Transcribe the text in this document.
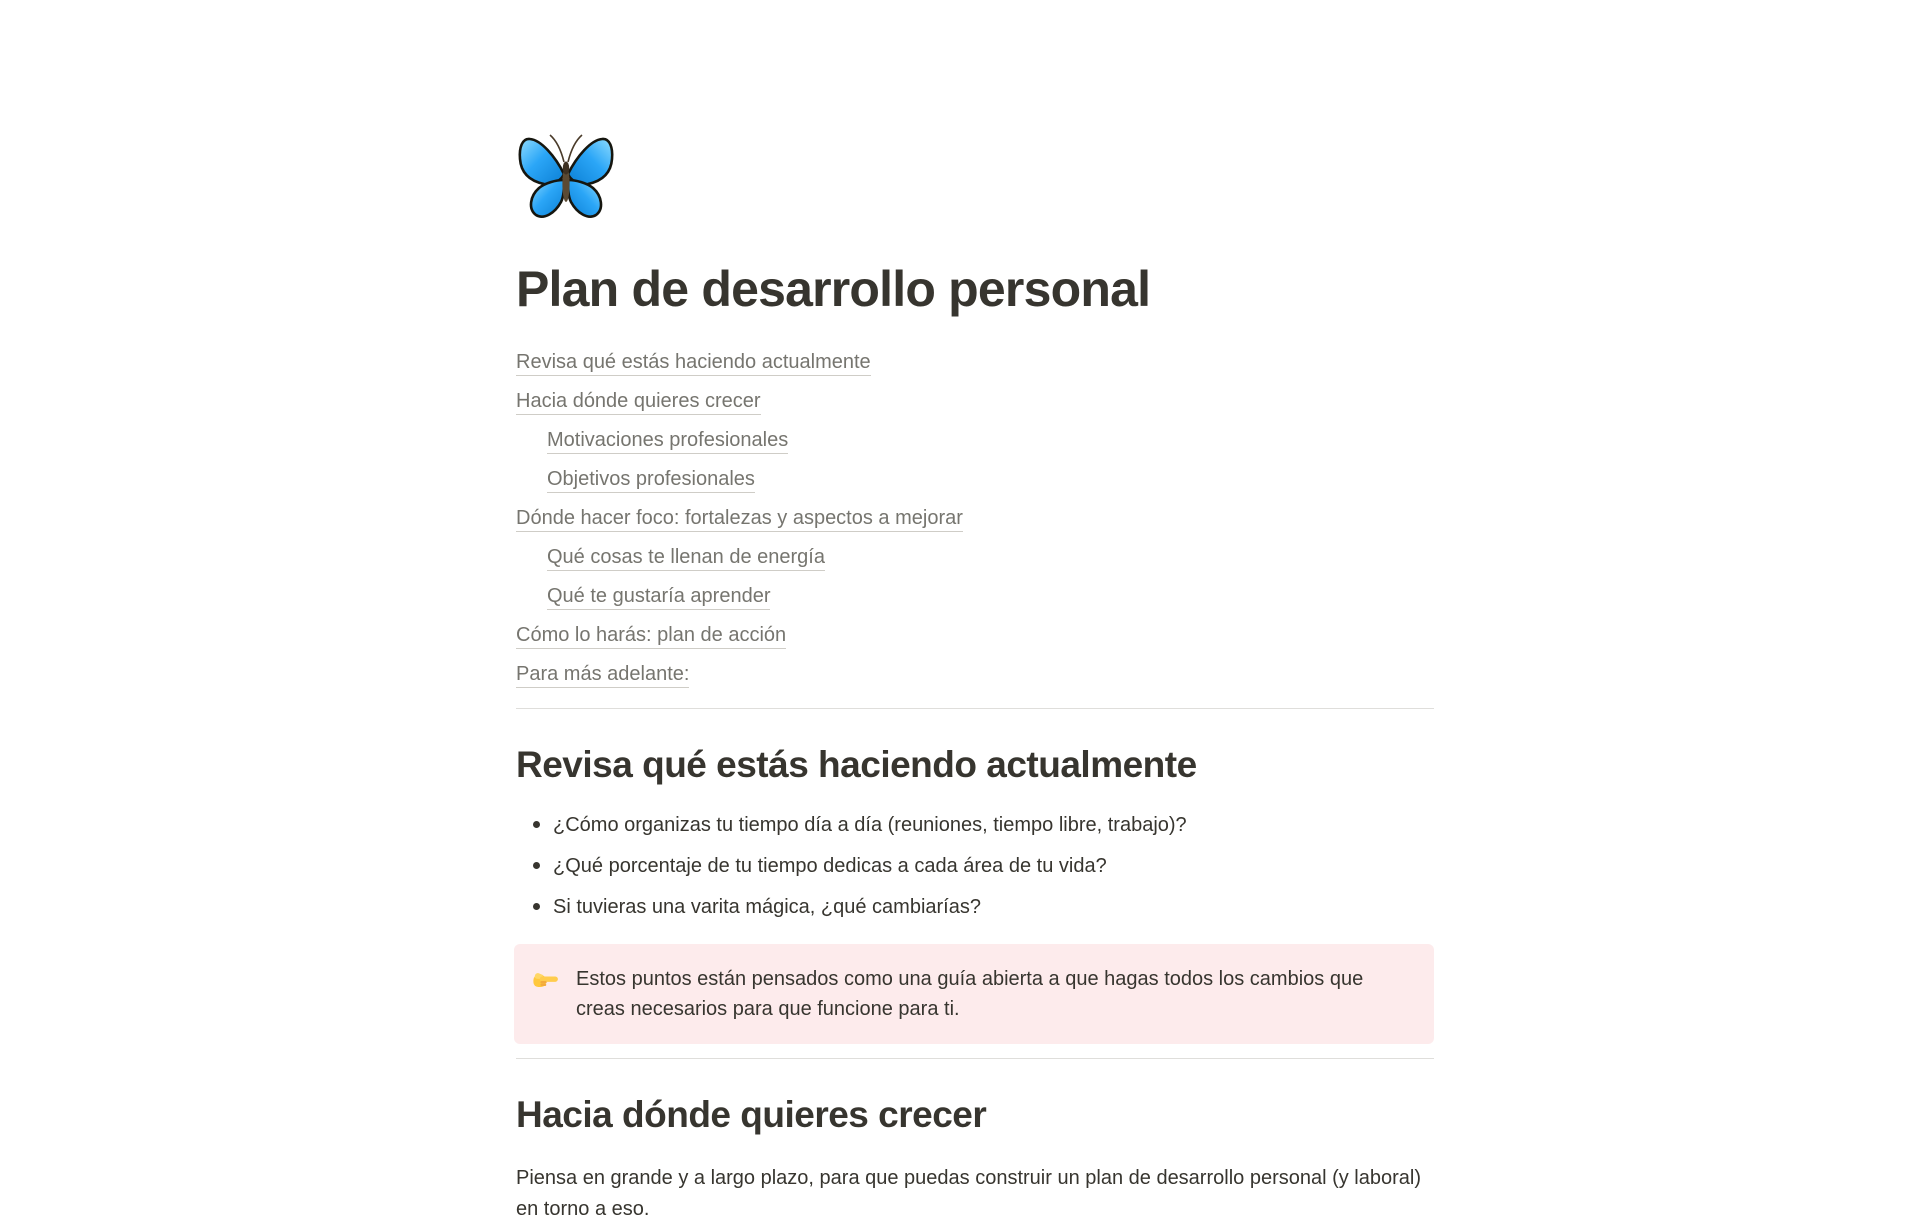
Plan de desarrollo personal
Revisa qué estás haciendo actualmente
Hacia dónde quieres crecer
Motivaciones profesionales
Objetivos profesionales
Dónde hacer foco: fortalezas y aspectos a mejorar
Qué cosas te llenan de energía
Qué te gustaría aprender
Cómo lo harás: plan de acción
Para más adelante:
Revisa qué estás haciendo actualmente
¿Cómo organizas tu tiempo día a día (reuniones, tiempo libre, trabajo)?
¿Qué porcentaje de tu tiempo dedicas a cada área de tu vida?
Si tuvieras una varita mágica, ¿qué cambiarías?

Estos puntos están pensados como una guía abierta a que hagas todos los cambios que creas necesarios para que funcione para ti.

Hacia dónde quieres crecer

Piensa en grande y a largo plazo, para que puedas construir un plan de desarrollo personal (y laboral) en torno a eso.
